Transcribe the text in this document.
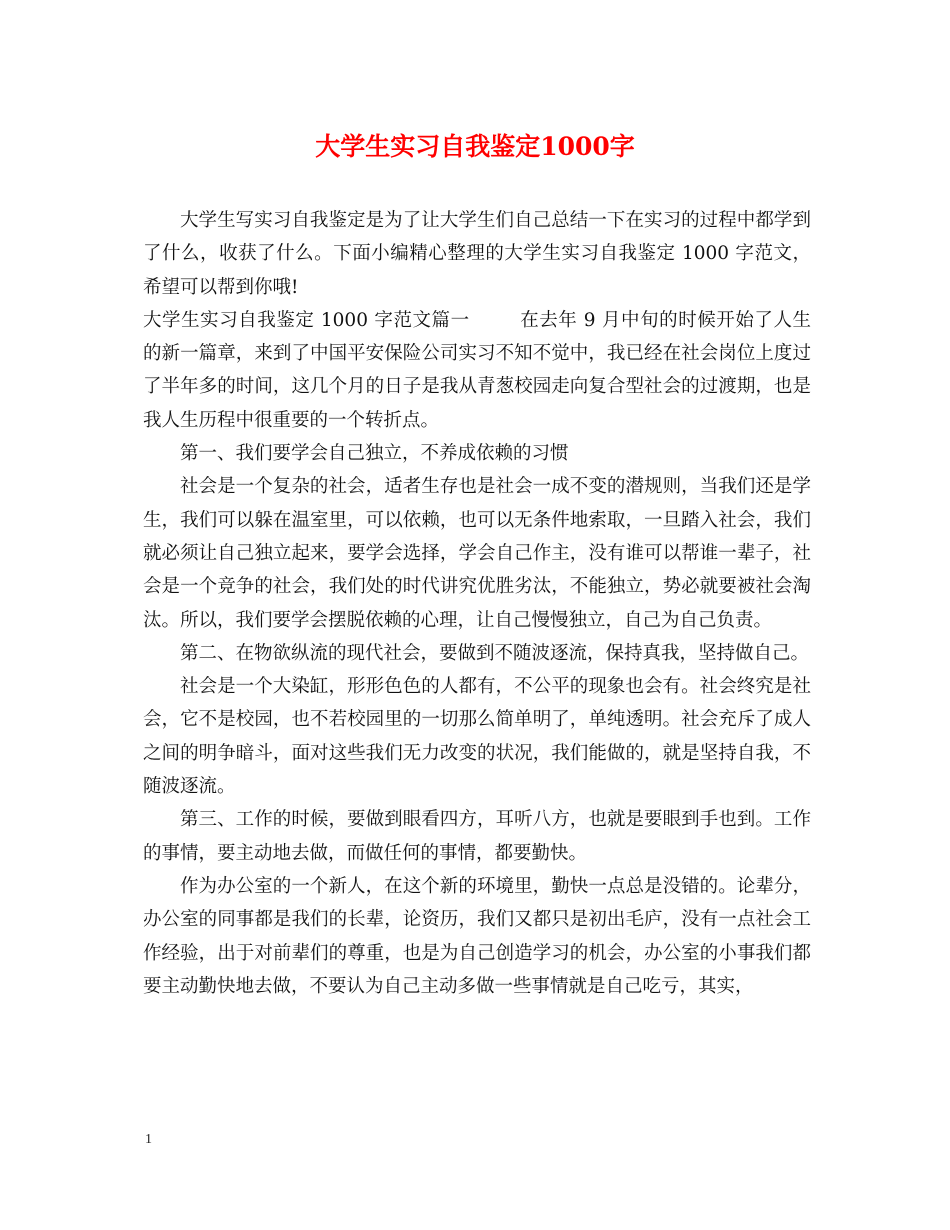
大学生实习自我鉴定1000字

大学生写实习自我鉴定是为了让大学生们自己总结一下在实习的过程中都学到了什么，收获了什么。下面小编精心整理的大学生实习自我鉴定 1000 字范文，希望可以帮到你哦!

大学生实习自我鉴定 1000 字范文篇一	在去年 9 月中旬的时候开始了人生的新一篇章，来到了中国平安保险公司实习不知不觉中，我已经在社会岗位上度过了半年多的时间，这几个月的日子是我从青葱校园走向复合型社会的过渡期，也是我人生历程中很重要的一个转折点。

第一、我们要学会自己独立，不养成依赖的习惯

社会是一个复杂的社会，适者生存也是社会一成不变的潜规则，当我们还是学生，我们可以躲在温室里，可以依赖，也可以无条件地索取，一旦踏入社会，我们就必须让自己独立起来，要学会选择，学会自己作主，没有谁可以帮谁一辈子，社会是一个竞争的社会，我们处的时代讲究优胜劣汰，不能独立，势必就要被社会淘汰。所以，我们要学会摆脱依赖的心理，让自己慢慢独立，自己为自己负责。

第二、在物欲纵流的现代社会，要做到不随波逐流，保持真我，坚持做自己。

社会是一个大染缸，形形色色的人都有，不公平的现象也会有。社会终究是社会，它不是校园，也不若校园里的一切那么简单明了，单纯透明。社会充斥了成人之间的明争暗斗，面对这些我们无力改变的状况，我们能做的，就是坚持自我，不随波逐流。

第三、工作的时候，要做到眼看四方，耳听八方，也就是要眼到手也到。工作的事情，要主动地去做，而做任何的事情，都要勤快。

作为办公室的一个新人，在这个新的环境里，勤快一点总是没错的。论辈分，办公室的同事都是我们的长辈，论资历，我们又都只是初出毛庐，没有一点社会工作经验，出于对前辈们的尊重，也是为自己创造学习的机会，办公室的小事我们都要主动勤快地去做，不要认为自己主动多做一些事情就是自己吃亏，其实，

1
